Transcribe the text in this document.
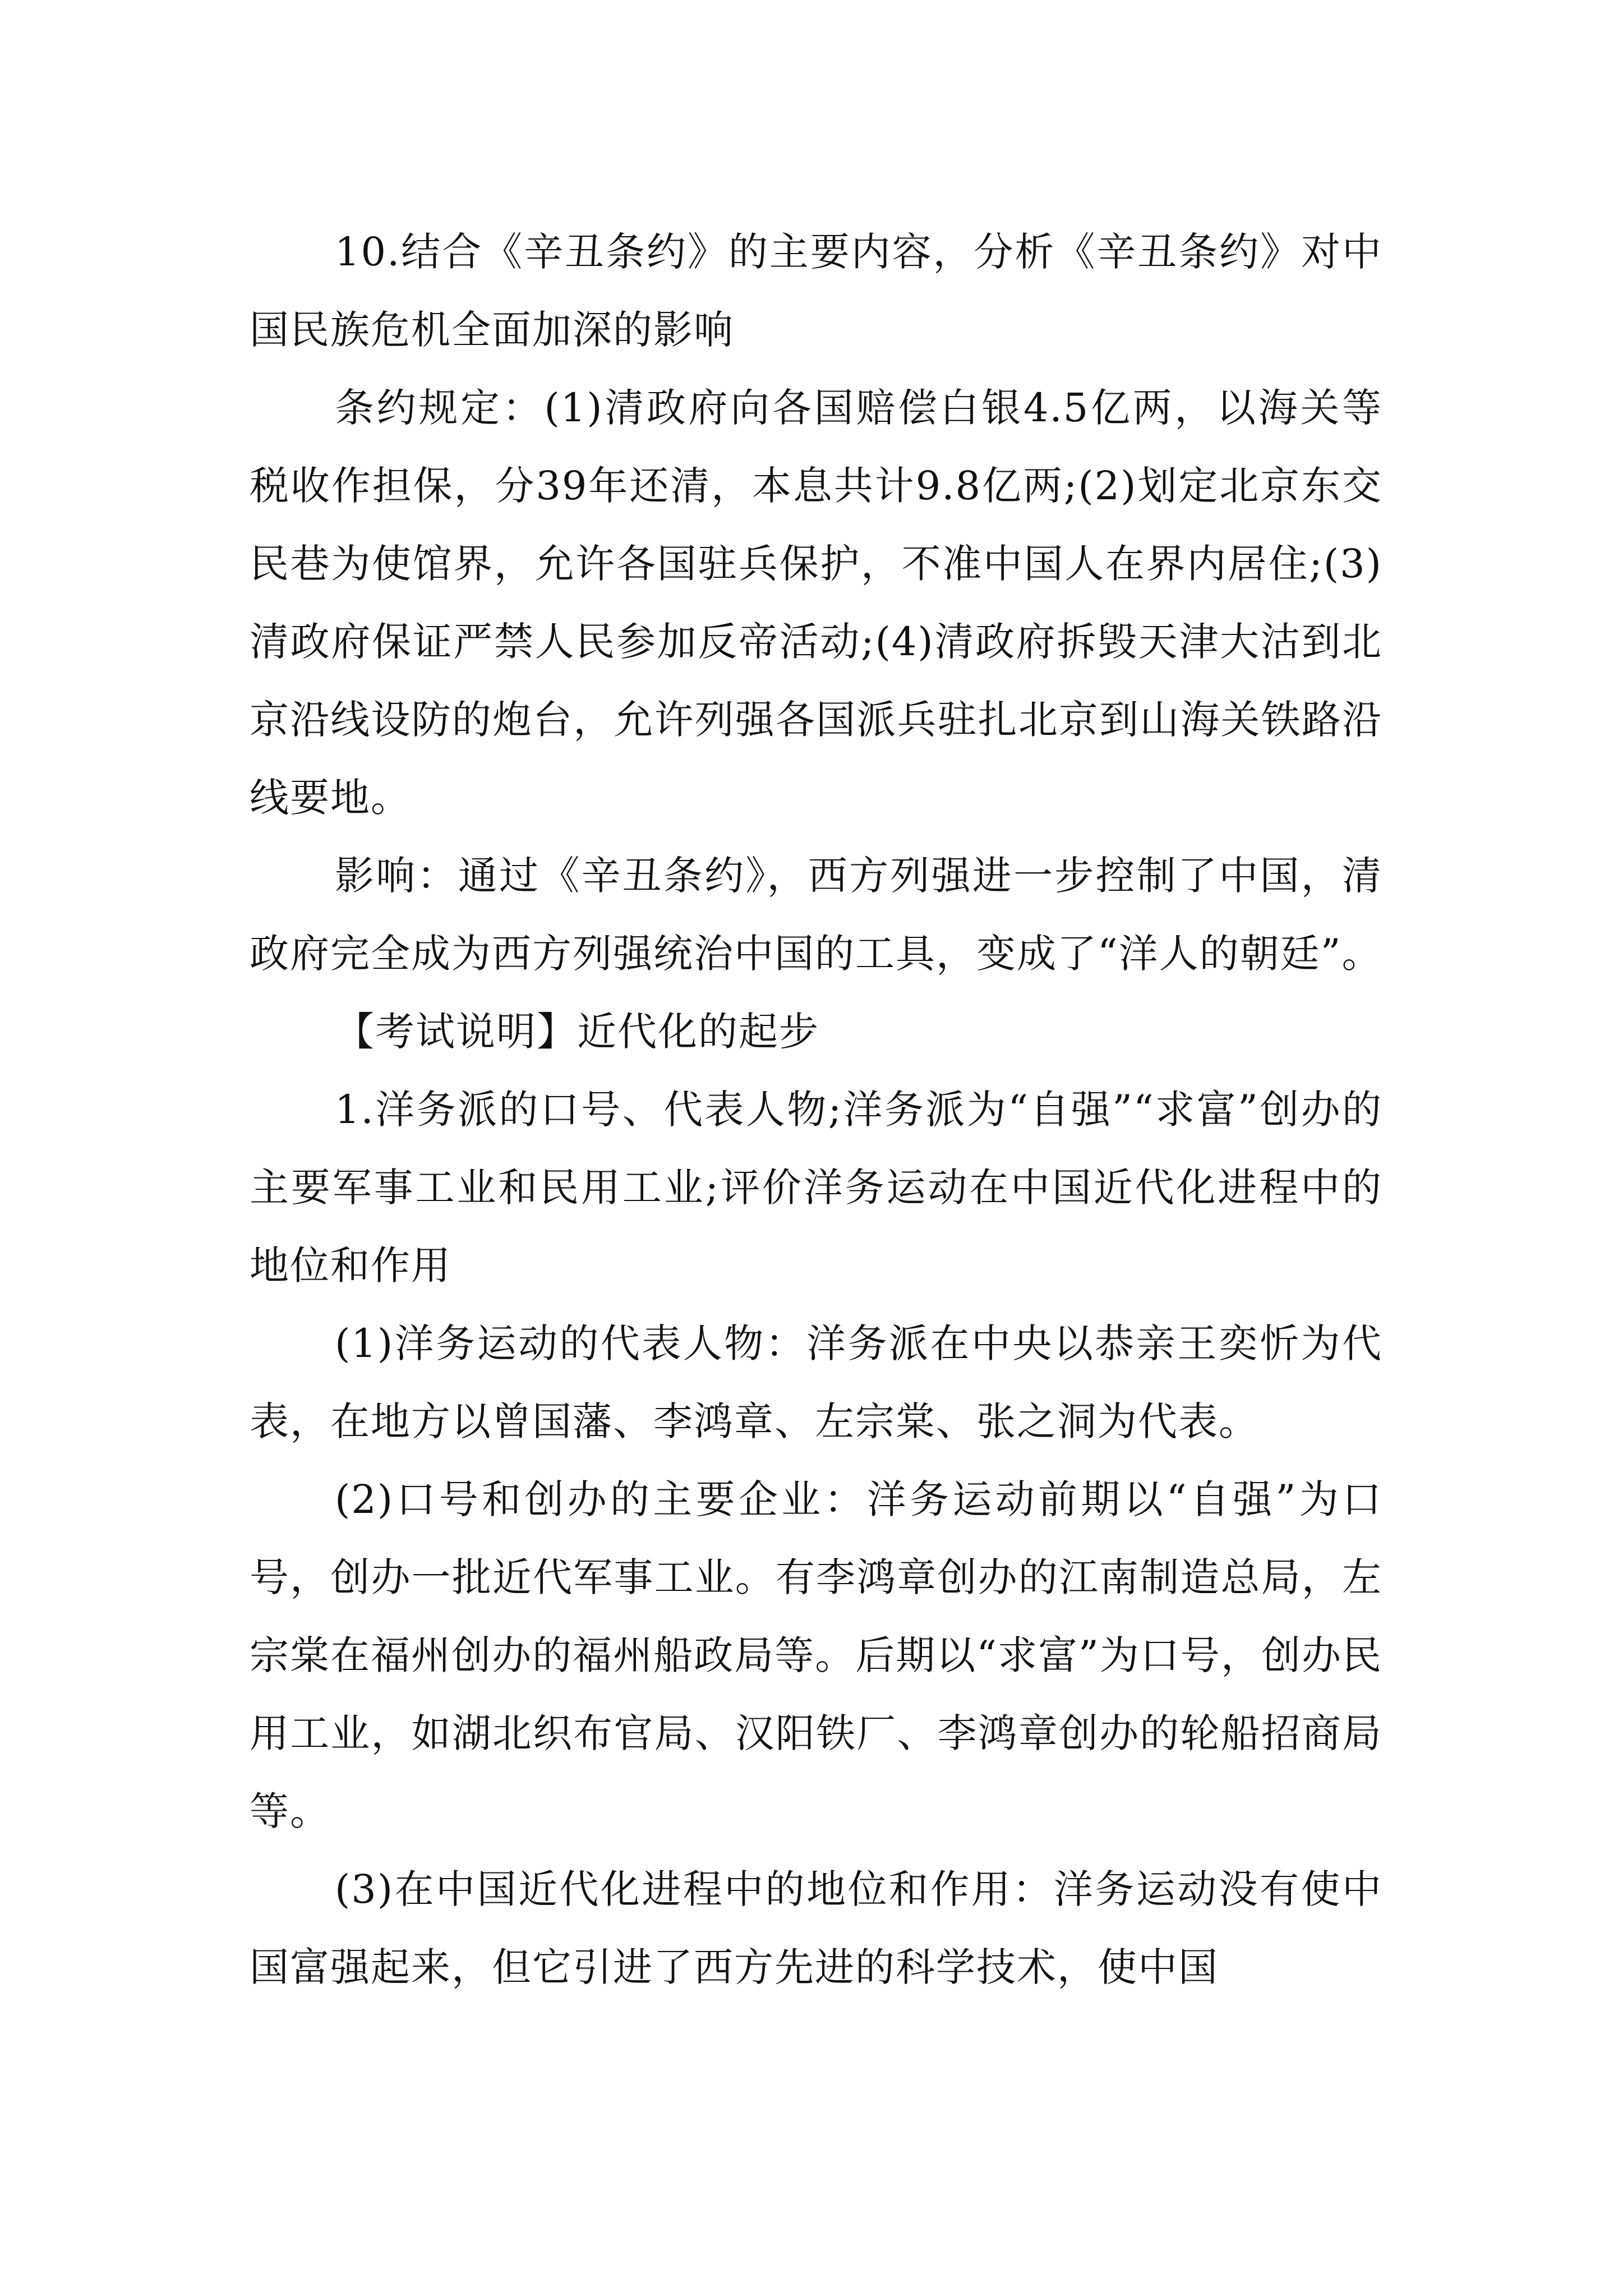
10.结合《辛丑条约》的主要内容，分析《辛丑条约》对中国民族危机全面加深的影响

条约规定：(1)清政府向各国赔偿白银4.5亿两，以海关等税收作担保，分39年还清，本息共计9.8亿两;(2)划定北京东交民巷为使馆界，允许各国驻兵保护，不准中国人在界内居住;(3)清政府保证严禁人民参加反帝活动;(4)清政府拆毁天津大沽到北京沿线设防的炮台，允许列强各国派兵驻扎北京到山海关铁路沿线要地。

影响：通过《辛丑条约》，西方列强进一步控制了中国，清政府完全成为西方列强统治中国的工具，变成了“洋人的朝廷”。

【考试说明】近代化的起步

1.洋务派的口号、代表人物;洋务派为“自强”“求富”创办的主要军事工业和民用工业;评价洋务运动在中国近代化进程中的地位和作用

(1)洋务运动的代表人物：洋务派在中央以恭亲王奕忻为代表，在地方以曾国藩、李鸿章、左宗棠、张之洞为代表。

(2)口号和创办的主要企业：洋务运动前期以“自强”为口号，创办一批近代军事工业。有李鸿章创办的江南制造总局，左宗棠在福州创办的福州船政局等。后期以“求富”为口号，创办民用工业，如湖北织布官局、汉阳铁厂、李鸿章创办的轮船招商局等。

(3)在中国近代化进程中的地位和作用：洋务运动没有使中国富强起来，但它引进了西方先进的科学技术，使中国
